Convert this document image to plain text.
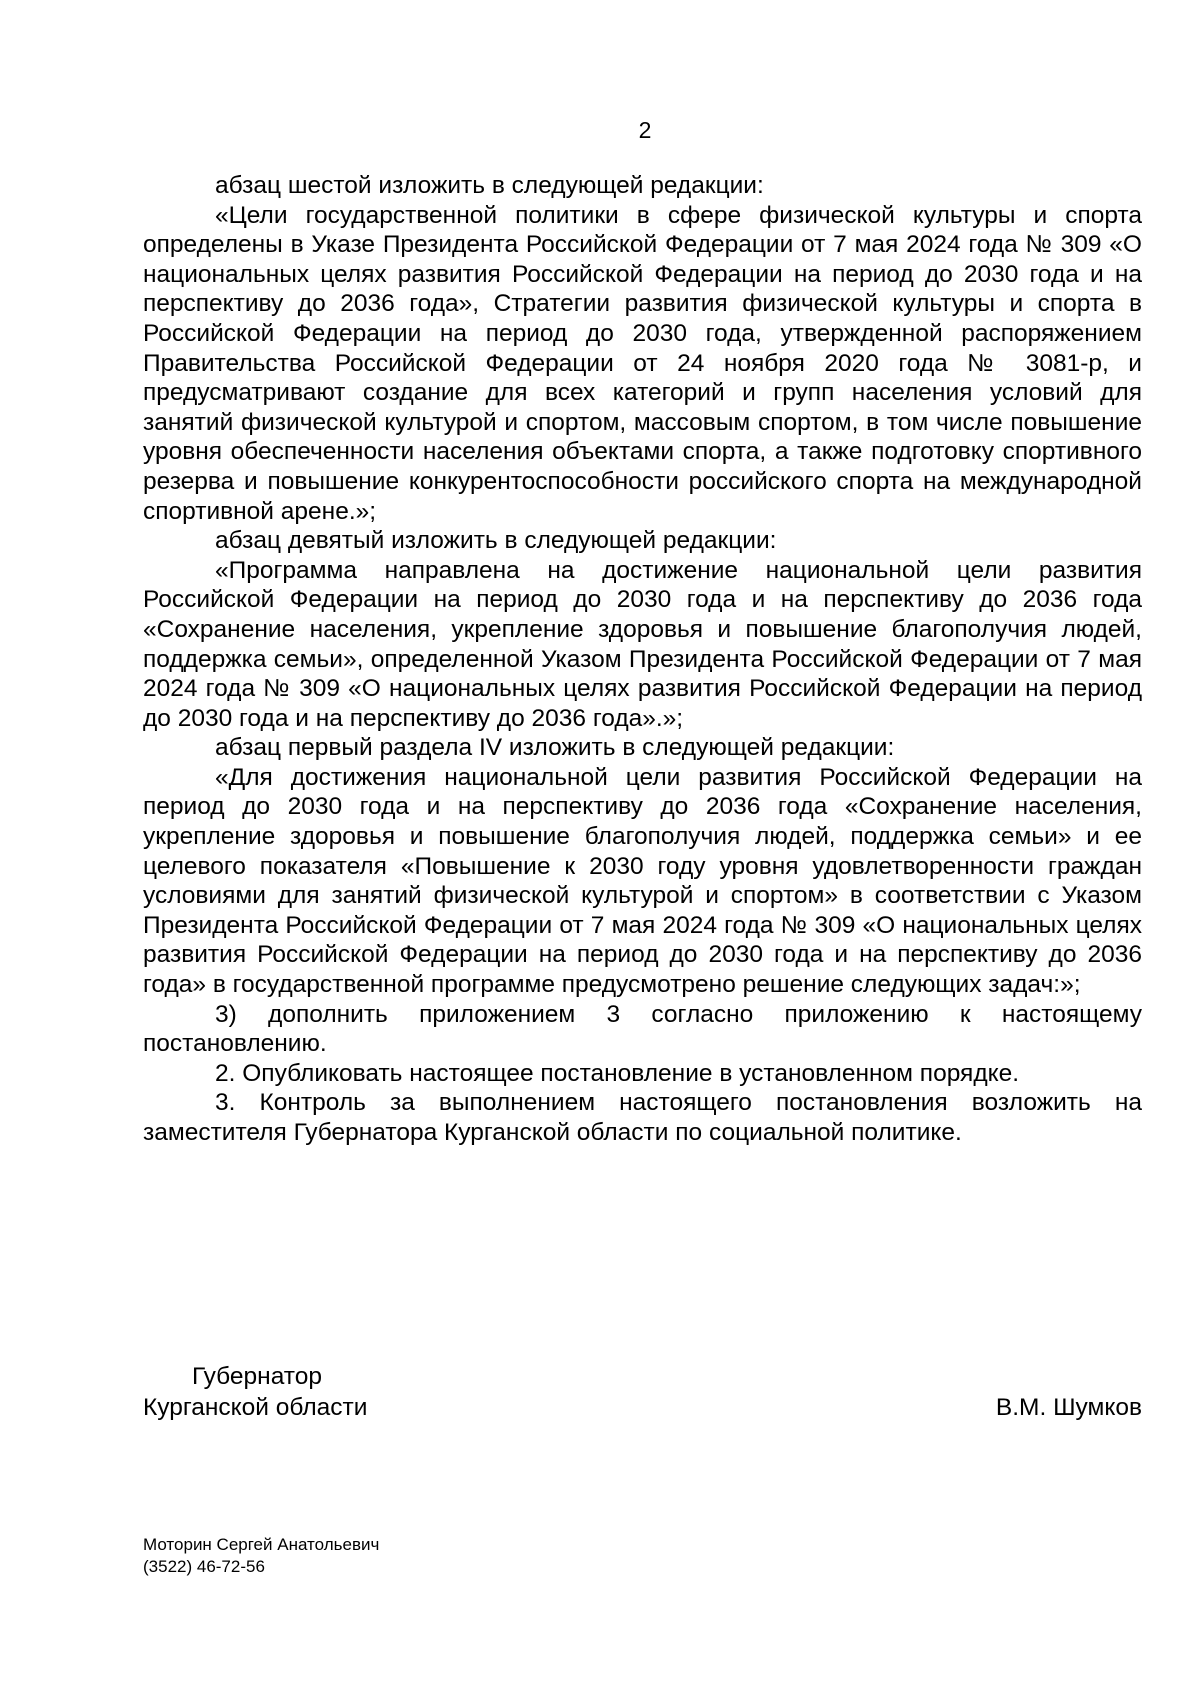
2

абзац шестой изложить в следующей редакции:

«Цели государственной политики в сфере физической культуры и спорта определены в Указе Президента Российской Федерации от 7 мая 2024 года № 309 «О национальных целях развития Российской Федерации на период до 2030 года и на перспективу до 2036 года», Стратегии развития физической культуры и спорта в Российской Федерации на период до 2030 года, утвержденной распоряжением Правительства Российской Федерации от 24 ноября 2020 года № 3081-р, и предусматривают создание для всех категорий и групп населения условий для занятий физической культурой и спортом, массовым спортом, в том числе повышение уровня обеспеченности населения объектами спорта, а также подготовку спортивного резерва и повышение конкурентоспособности российского спорта на международной спортивной арене.»;

абзац девятый изложить в следующей редакции:

«Программа направлена на достижение национальной цели развития Российской Федерации на период до 2030 года и на перспективу до 2036 года «Сохранение населения, укрепление здоровья и повышение благополучия людей, поддержка семьи», определенной Указом Президента Российской Федерации от 7 мая 2024 года № 309 «О национальных целях развития Российской Федерации на период до 2030 года и на перспективу до 2036 года».»;

абзац первый раздела IV изложить в следующей редакции:

«Для достижения национальной цели развития Российской Федерации на период до 2030 года и на перспективу до 2036 года «Сохранение населения, укрепление здоровья и повышение благополучия людей, поддержка семьи» и ее целевого показателя «Повышение к 2030 году уровня удовлетворенности граждан условиями для занятий физической культурой и спортом» в соответствии с Указом Президента Российской Федерации от 7 мая 2024 года № 309 «О национальных целях развития Российской Федерации на период до 2030 года и на перспективу до 2036 года» в государственной программе предусмотрено решение следующих задач:»;

3) дополнить приложением 3 согласно приложению к настоящему постановлению.

2. Опубликовать настоящее постановление в установленном порядке.

3. Контроль за выполнением настоящего постановления возложить на заместителя Губернатора Курганской области по социальной политике.

Губернатор
Курганской области	В.М. Шумков
Моторин Сергей Анатольевич
(3522) 46-72-56
